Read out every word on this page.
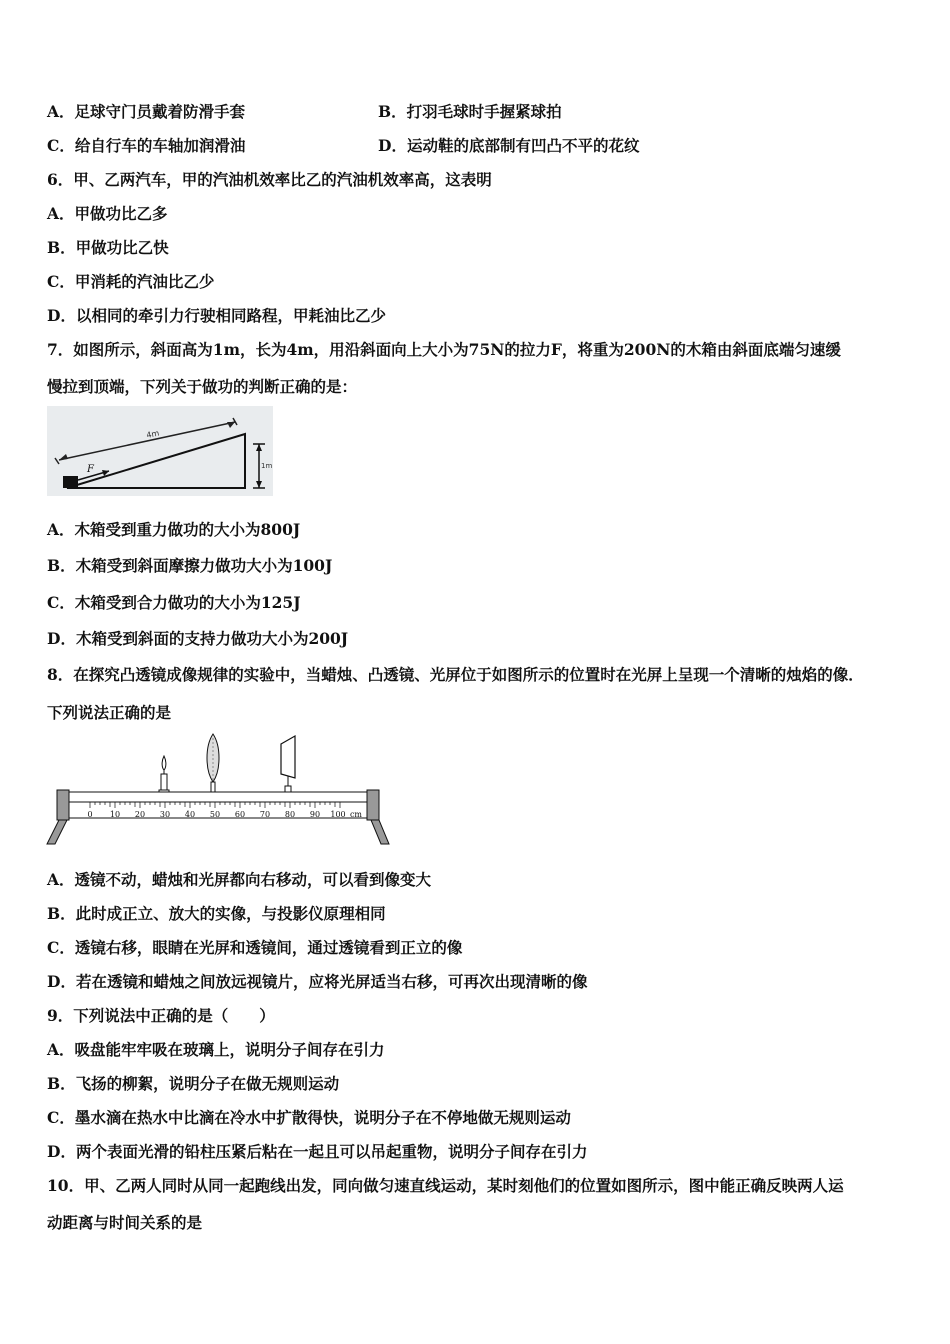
A．足球守门员戴着防滑手套	B．打羽毛球时手握紧球拍
C．给自行车的车轴加润滑油	D．运动鞋的底部制有凹凸不平的花纹
6．甲、乙两汽车，甲的汽油机效率比乙的汽油机效率高，这表明
A．甲做功比乙多
B．甲做功比乙快
C．甲消耗的汽油比乙少
D．以相同的牵引力行驶相同路程，甲耗油比乙少
7．如图所示，斜面高为1m，长为4m，用沿斜面向上大小为75N的拉力F，将重为200N的木箱由斜面底端匀速缓
慢拉到顶端，下列关于做功的判断正确的是：
4m
F	1m
A．木箱受到重力做功的大小为800J
B．木箱受到斜面摩擦力做功大小为100J
C．木箱受到合力做功的大小为125J
D．木箱受到斜面的支持力做功大小为200J
8．在探究凸透镜成像规律的实验中，当蜡烛、凸透镜、光屏位于如图所示的位置时在光屏上呈现一个清晰的烛焰的像．
下列说法正确的是
0 10 20 30 40 50 60 70 80 90 100 cm
A．透镜不动，蜡烛和光屏都向右移动，可以看到像变大
B．此时成正立、放大的实像，与投影仪原理相同
C．透镜右移，眼睛在光屏和透镜间，通过透镜看到正立的像
D．若在透镜和蜡烛之间放远视镜片，应将光屏适当右移，可再次出现清晰的像
9．下列说法中正确的是（　　）
A．吸盘能牢牢吸在玻璃上，说明分子间存在引力
B．飞扬的柳絮，说明分子在做无规则运动
C．墨水滴在热水中比滴在冷水中扩散得快，说明分子在不停地做无规则运动
D．两个表面光滑的铅柱压紧后粘在一起且可以吊起重物，说明分子间存在引力
10．甲、乙两人同时从同一起跑线出发，同向做匀速直线运动，某时刻他们的位置如图所示，图中能正确反映两人运
动距离与时间关系的是
